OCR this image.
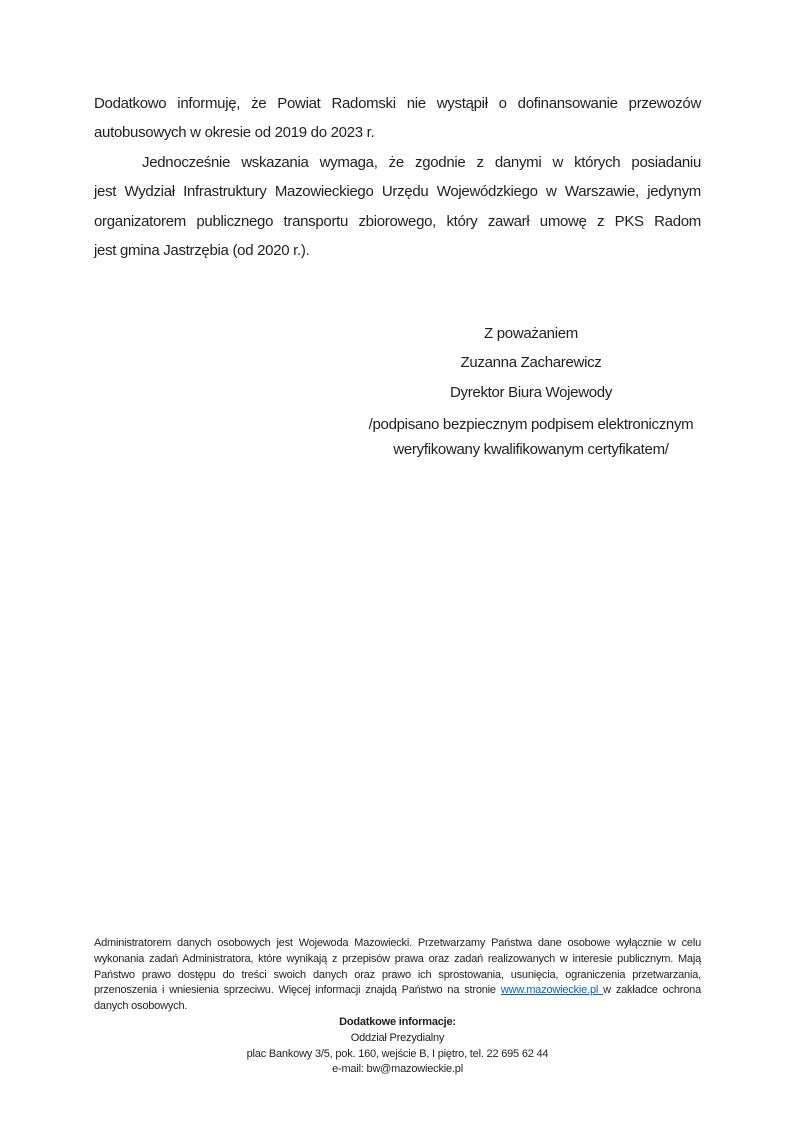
Dodatkowo informuję, że Powiat Radomski nie wystąpił o dofinansowanie przewozów
autobusowych w okresie od 2019 do 2023 r.
Jednocześnie wskazania wymaga, że zgodnie z danymi w których posiadaniu
jest Wydział Infrastruktury Mazowieckiego Urzędu Wojewódzkiego w Warszawie, jedynym
organizatorem publicznego transportu zbiorowego, który zawarł umowę z PKS Radom
jest gmina Jastrzębia (od 2020 r.).
Z poważaniem
Zuzanna Zacharewicz
Dyrektor Biura Wojewody
/podpisano bezpiecznym podpisem elektronicznym
weryfikowany kwalifikowanym certyfikatem/
Administratorem danych osobowych jest Wojewoda Mazowiecki. Przetwarzamy Państwa dane osobowe wyłącznie w celu
wykonania zadań Administratora, które wynikają z przepisów prawa oraz zadań realizowanych w interesie publicznym. Mają
Państwo prawo dostępu do treści swoich danych oraz prawo ich sprostowania, usunięcia, ograniczenia przetwarzania,
przenoszenia i wniesienia sprzeciwu. Więcej informacji znajdą Państwo na stronie www.mazowieckie.pl w zakładce ochrona
danych osobowych.
Dodatkowe informacje:
Oddział Prezydialny
plac Bankowy 3/5, pok. 160, wejście B, I piętro, tel. 22 695 62 44
e-mail: bw@mazowieckie.pl
